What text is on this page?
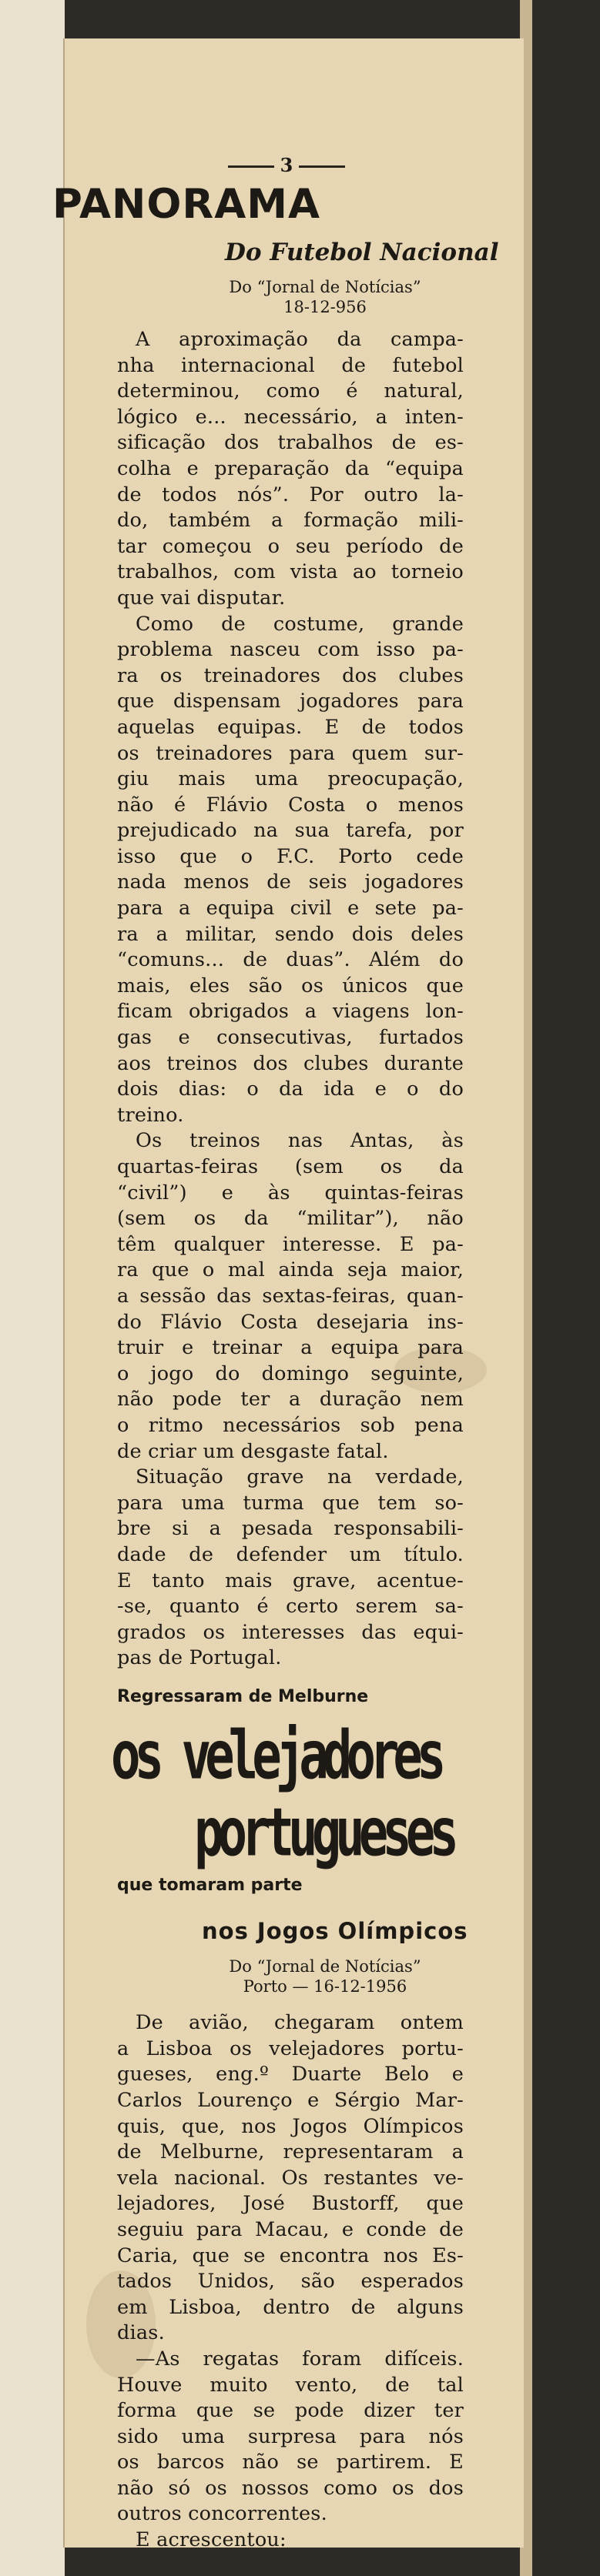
3
PANORAMA
Do Futebol Nacional
Do “Jornal de Notícias”
18-12-956

A aproximação da campa-

nha internacional de futebol

determinou, como é natural,

lógico e... necessário, a inten-

sificação dos trabalhos de es-

colha e preparação da “equipa

de todos nós”. Por outro la-

do, também a formação mili-

tar começou o seu período de

trabalhos, com vista ao torneio

que vai disputar.

Como de costume, grande

problema nasceu com isso pa-

ra os treinadores dos clubes

que dispensam jogadores para

aquelas equipas. E de todos

os treinadores para quem sur-

giu mais uma preocupação,

não é Flávio Costa o menos

prejudicado na sua tarefa, por

isso que o F.C. Porto cede

nada menos de seis jogadores

para a equipa civil e sete pa-

ra a militar, sendo dois deles

“comuns... de duas”. Além do

mais, eles são os únicos que

ficam obrigados a viagens lon-

gas e consecutivas, furtados

aos treinos dos clubes durante

dois dias: o da ida e o do

treino.

Os treinos nas Antas, às

quartas-feiras (sem os da

“civil”) e às quintas-feiras

(sem os da “militar”), não

têm qualquer interesse. E pa-

ra que o mal ainda seja maior,

a sessão das sextas-feiras, quan-

do Flávio Costa desejaria ins-

truir e treinar a equipa para

o jogo do domingo seguinte,

não pode ter a duração nem

o ritmo necessários sob pena

de criar um desgaste fatal.

Situação grave na verdade,

para uma turma que tem so-

bre si a pesada responsabili-

dade de defender um título.

E tanto mais grave, acentue-

-se, quanto é certo serem sa-

grados os interesses das equi-

pas de Portugal.

Regressaram de Melburne
os velejadores
portugueses
que tomaram parte
nos Jogos Olímpicos
Do “Jornal de Notícias”
Porto — 16-12-1956

De avião, chegaram ontem

a Lisboa os velejadores portu-

gueses, eng.º Duarte Belo e

Carlos Lourenço e Sérgio Mar-

quis, que, nos Jogos Olímpicos

de Melburne, representaram a

vela nacional. Os restantes ve-

lejadores, José Bustorff, que

seguiu para Macau, e conde de

Caria, que se encontra nos Es-

tados Unidos, são esperados

em Lisboa, dentro de alguns

dias.

—As regatas foram difíceis.

Houve muito vento, de tal

forma que se pode dizer ter

sido uma surpresa para nós

os barcos não se partirem. E

não só os nossos como os dos

outros concorrentes.

E acrescentou:
